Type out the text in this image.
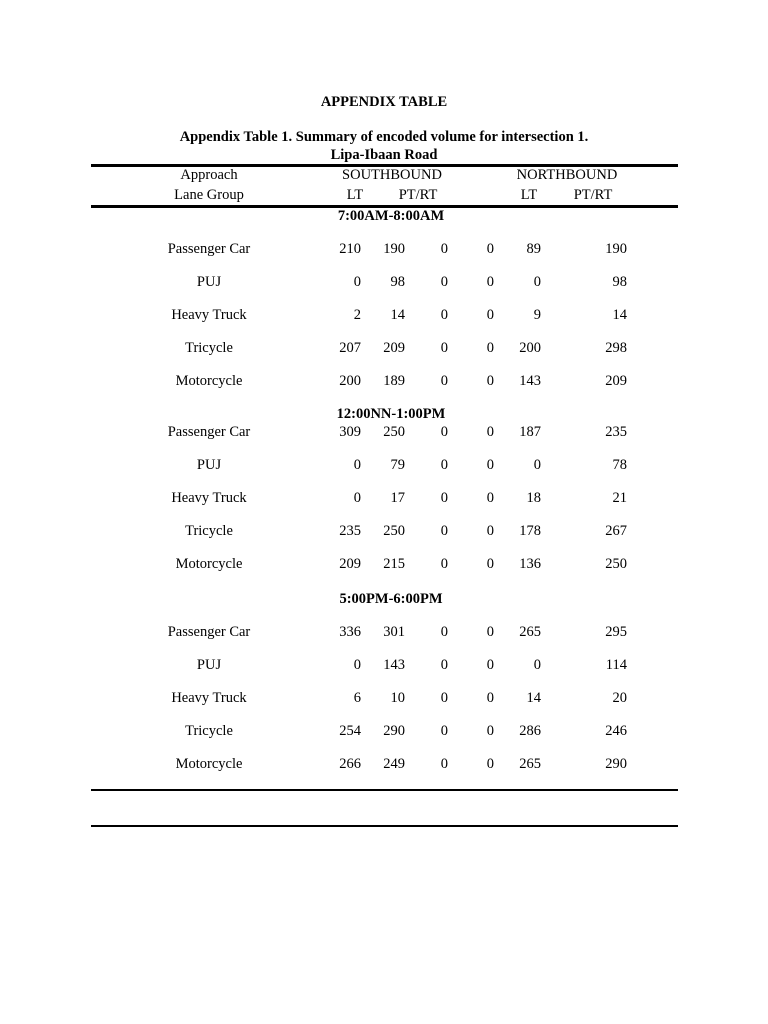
APPENDIX TABLE
Appendix Table 1. Summary of encoded volume for intersection 1.
Lipa-Ibaan Road
Approach	SOUTHBOUND	NORTHBOUND
Lane Group	LT	PT/RT	LT	PT/RT
7:00AM-8:00AM
Passenger Car	210	190	0	0	89	190
PUJ	0	98	0	0	0	98
Heavy Truck	2	14	0	0	9	14
Tricycle	207	209	0	0	200	298
Motorcycle	200	189	0	0	143	209
12:00NN-1:00PM
Passenger Car	309	250	0	0	187	235
PUJ	0	79	0	0	0	78
Heavy Truck	0	17	0	0	18	21
Tricycle	235	250	0	0	178	267
Motorcycle	209	215	0	0	136	250
5:00PM-6:00PM
Passenger Car	336	301	0	0	265	295
PUJ	0	143	0	0	0	114
Heavy Truck	6	10	0	0	14	20
Tricycle	254	290	0	0	286	246
Motorcycle	266	249	0	0	265	290
